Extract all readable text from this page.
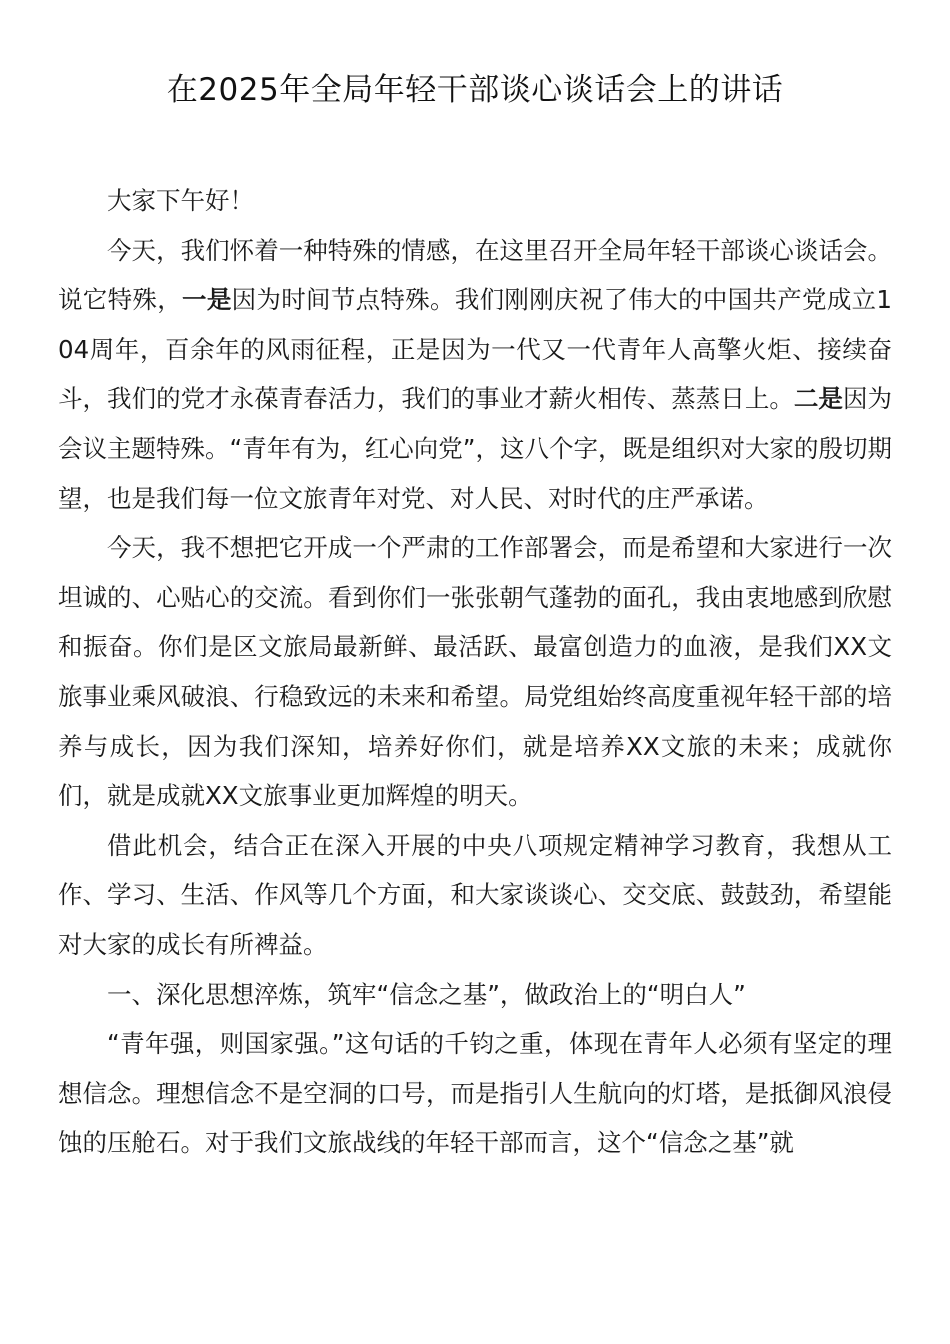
在2025年全局年轻干部谈心谈话会上的讲话

大家下午好！

今天，我们怀着一种特殊的情感，在这里召开全局年轻干部谈心谈话会。说它特殊，一是因为时间节点特殊。我们刚刚庆祝了伟大的中国共产党成立104周年，百余年的风雨征程，正是因为一代又一代青年人高擎火炬、接续奋斗，我们的党才永葆青春活力，我们的事业才薪火相传、蒸蒸日上。二是因为会议主题特殊。“青年有为，红心向党”，这八个字，既是组织对大家的殷切期望，也是我们每一位文旅青年对党、对人民、对时代的庄严承诺。

今天，我不想把它开成一个严肃的工作部署会，而是希望和大家进行一次坦诚的、心贴心的交流。看到你们一张张朝气蓬勃的面孔，我由衷地感到欣慰和振奋。你们是区文旅局最新鲜、最活跃、最富创造力的血液，是我们XX文旅事业乘风破浪、行稳致远的未来和希望。局党组始终高度重视年轻干部的培养与成长，因为我们深知，培养好你们，就是培养XX文旅的未来；成就你们，就是成就XX文旅事业更加辉煌的明天。

借此机会，结合正在深入开展的中央八项规定精神学习教育，我想从工作、学习、生活、作风等几个方面，和大家谈谈心、交交底、鼓鼓劲，希望能对大家的成长有所裨益。

一、深化思想淬炼，筑牢“信念之基”，做政治上的“明白人”

“青年强，则国家强。”这句话的千钧之重，体现在青年人必须有坚定的理想信念。理想信念不是空洞的口号，而是指引人生航向的灯塔，是抵御风浪侵蚀的压舱石。对于我们文旅战线的年轻干部而言，这个“信念之基”就
